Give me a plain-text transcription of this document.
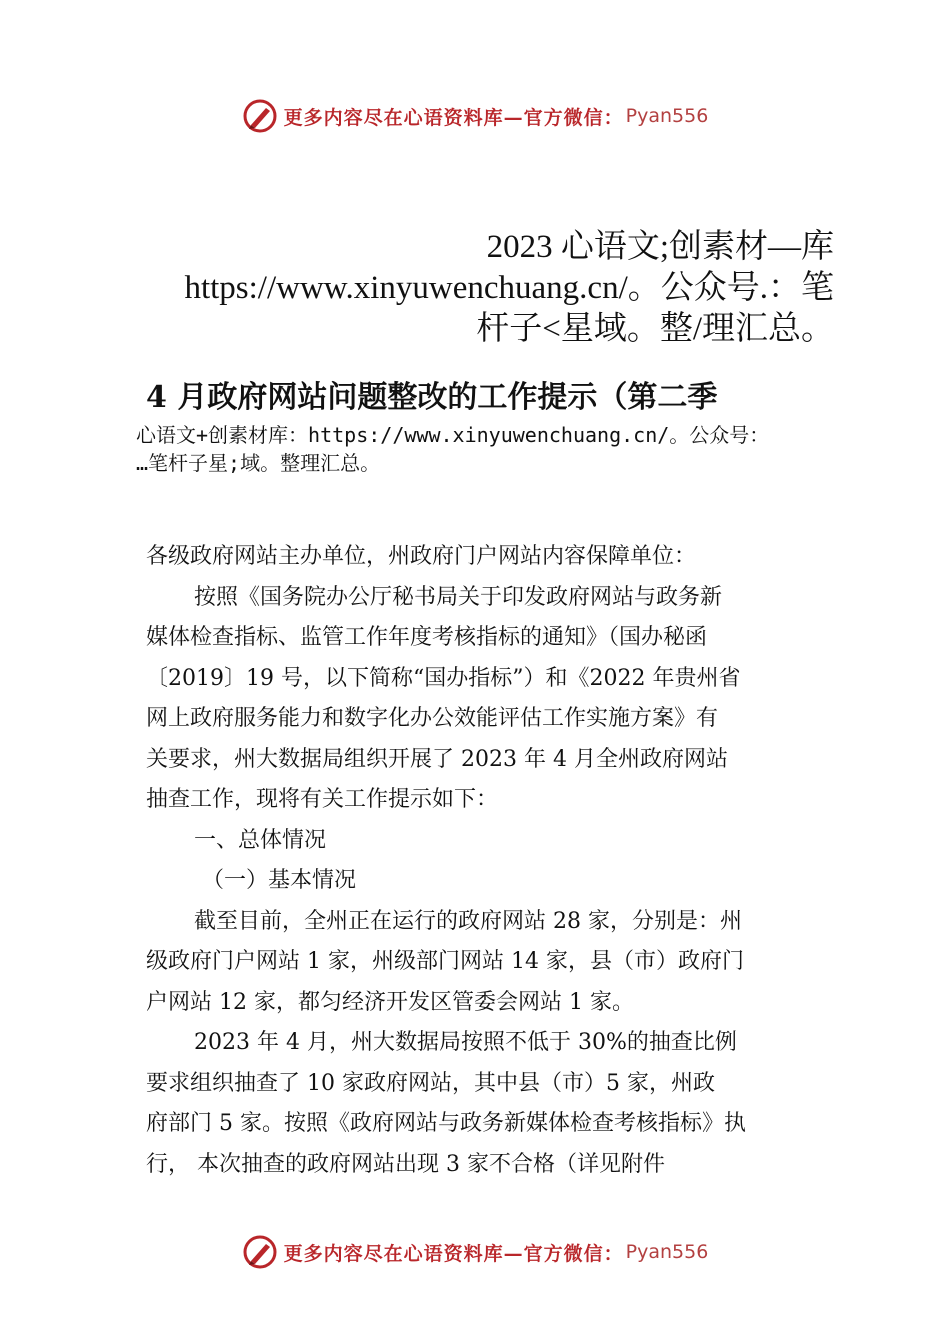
更多内容尽在心语资料库—官方微信： Pyan556
2023 心语文;创素材—库
https://www.xinyuwenchuang.cn/。公众号.：笔
杆子<星域。整/理汇总。
4 月政府网站问题整改的工作提示（第二季
心语文+创素材库：https://www.xinyuwenchuang.cn/。公众号：
…笔杆子星;域。整理汇总。

各级政府网站主办单位，州政府门户网站内容保障单位：

按照《国务院办公厅秘书局关于印发政府网站与政务新

媒体检查指标、监管工作年度考核指标的通知》（国办秘函

〔2019〕19 号，以下简称“国办指标”）和《2022 年贵州省

网上政府服务能力和数字化办公效能评估工作实施方案》有

关要求，州大数据局组织开展了 2023 年 4 月全州政府网站

抽查工作，现将有关工作提示如下：

一、总体情况

（一）基本情况

截至目前，全州正在运行的政府网站 28 家，分别是：州

级政府门户网站 1 家，州级部门网站 14 家，县（市）政府门

户网站 12 家，都匀经济开发区管委会网站 1 家。

2023 年 4 月，州大数据局按照不低于 30%的抽查比例

要求组织抽查了 10 家政府网站，其中县（市）5 家，州政

府部门 5 家。按照《政府网站与政务新媒体检查考核指标》执

行， 本次抽查的政府网站出现 3 家不合格（详见附件

更多内容尽在心语资料库—官方微信： Pyan556
